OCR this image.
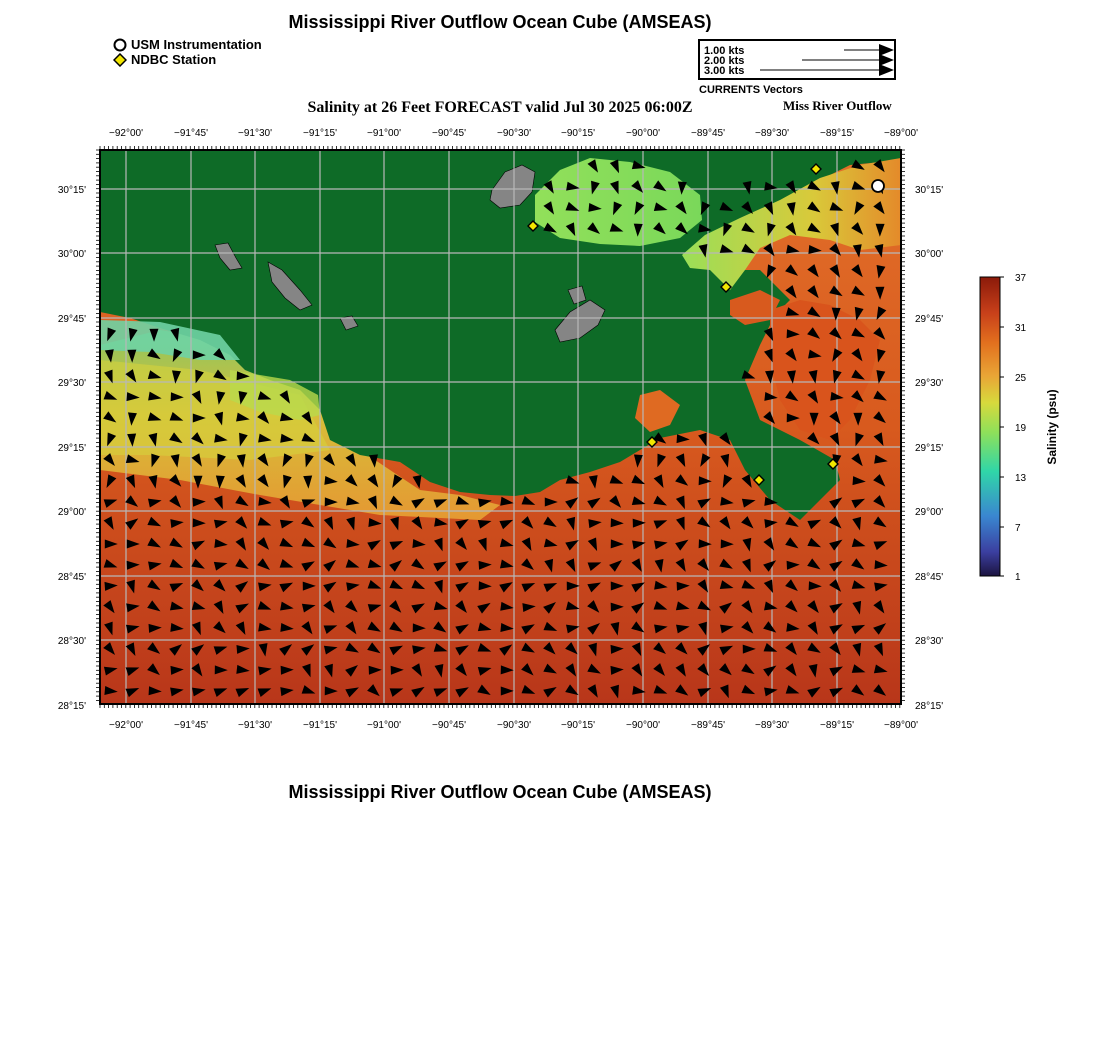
Mississippi River Outflow Ocean Cube (AMSEAS)
USM Instrumentation
NDBC Station
1.00 kts
2.00 kts
3.00 kts
CURRENTS Vectors
Salinity at 26 Feet FORECAST valid Jul 30 2025 06:00Z	Miss River Outflow
−92°00'	−91°45'	−91°30'	−91°15'	−91°00'	−90°45'	−90°30'	−90°15'	−90°00'	−89°45'	−89°30'	−89°15'	−89°00'
−92°00'	−91°45'	−91°30'	−91°15'	−91°00'	−90°45'	−90°30'	−90°15'	−90°00'	−89°45'	−89°30'	−89°15'	−89°00'
30°15'
30°00'
29°45'
29°30'
29°15'
29°00'
28°45'
28°30'
28°15'
30°15'
30°00'
29°45'
29°30'
29°15'
29°00'
28°45'
28°30'
28°15'
37
31
25
19
13
7
1
Salinity (psu)
Mississippi River Outflow Ocean Cube (AMSEAS)
